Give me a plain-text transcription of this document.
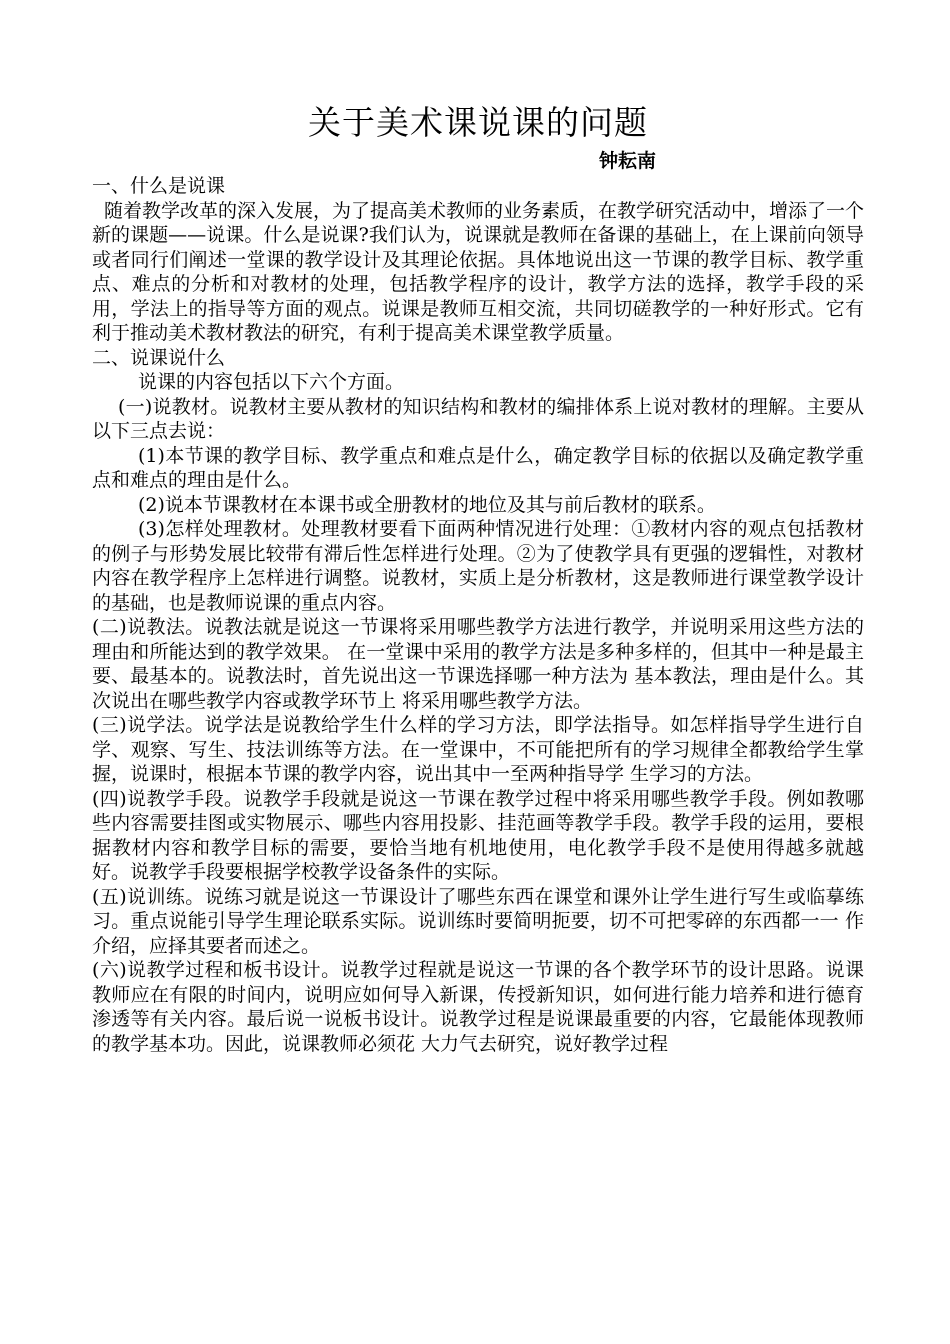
关于美术课说课的问题

钟耘南

一、什么是说课

随着教学改革的深入发展，为了提高美术教师的业务素质，在教学研究活动中，增添了一个新的课题——说课。什么是说课?我们认为，说课就是教师在备课的基础上，在上课前向领导或者同行们阐述一堂课的教学设计及其理论依据。具体地说出这一节课的教学目标、教学重点、难点的分析和对教材的处理，包括教学程序的设计，教学方法的选择，教学手段的采用，学法上的指导等方面的观点。说课是教师互相交流，共同切磋教学的一种好形式。它有利于推动美术教材教法的研究，有利于提高美术课堂教学质量。

二、说课说什么

说课的内容包括以下六个方面。

(一)说教材。说教材主要从教材的知识结构和教材的编排体系上说对教材的理解。主要从以下三点去说：

(1)本节课的教学目标、教学重点和难点是什么，确定教学目标的依据以及确定教学重点和难点的理由是什么。

(2)说本节课教材在本课书或全册教材的地位及其与前后教材的联系。

(3)怎样处理教材。处理教材要看下面两种情况进行处理：①教材内容的观点包括教材的例子与形势发展比较带有滞后性怎样进行处理。②为了使教学具有更强的逻辑性，对教材内容在教学程序上怎样进行调整。说教材，实质上是分析教材，这是教师进行课堂教学设计的基础，也是教师说课的重点内容。

(二)说教法。说教法就是说这一节课将采用哪些教学方法进行教学，并说明采用这些方法的理由和所能达到的教学效果。 在一堂课中采用的教学方法是多种多样的，但其中一种是最主要、最基本的。说教法时，首先说出这一节课选择哪一种方法为 基本教法，理由是什么。其次说出在哪些教学内容或教学环节上 将采用哪些教学方法。

(三)说学法。说学法是说教给学生什么样的学习方法，即学法指导。如怎样指导学生进行自学、观察、写生、技法训练等方法。在一堂课中，不可能把所有的学习规律全都教给学生掌握，说课时，根据本节课的教学内容，说出其中一至两种指导学 生学习的方法。

(四)说教学手段。说教学手段就是说这一节课在教学过程中将采用哪些教学手段。例如教哪些内容需要挂图或实物展示、哪些内容用投影、挂范画等教学手段。教学手段的运用，要根据教材内容和教学目标的需要，要恰当地有机地使用，电化教学手段不是使用得越多就越好。说教学手段要根据学校教学设备条件的实际。

(五)说训练。说练习就是说这一节课设计了哪些东西在课堂和课外让学生进行写生或临摹练习。重点说能引导学生理论联系实际。说训练时要简明扼要，切不可把零碎的东西都一一 作介绍，应择其要者而述之。

(六)说教学过程和板书设计。说教学过程就是说这一节课的各个教学环节的设计思路。说课教师应在有限的时间内，说明应如何导入新课，传授新知识，如何进行能力培养和进行德育渗透等有关内容。最后说一说板书设计。说教学过程是说课最重要的内容，它最能体现教师的教学基本功。因此，说课教师必须花 大力气去研究，说好教学过程
